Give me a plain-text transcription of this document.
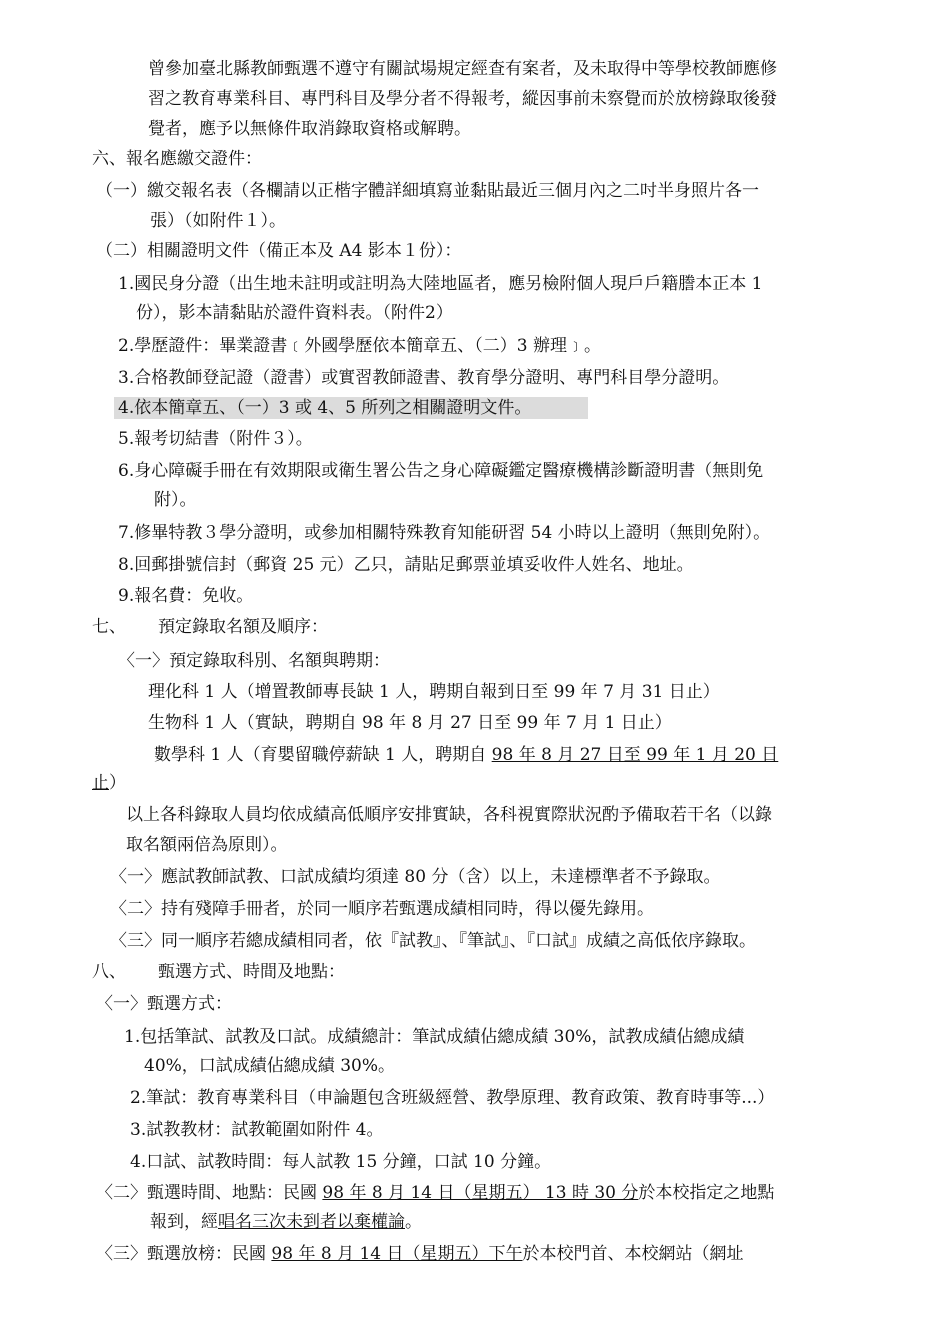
曾參加臺北縣教師甄選不遵守有關試場規定經查有案者，及未取得中等學校教師應修
習之教育專業科目、專門科目及學分者不得報考，縱因事前未察覺而於放榜錄取後發
覺者，應予以無條件取消錄取資格或解聘。
六、報名應繳交證件：
（一）繳交報名表（各欄請以正楷字體詳細填寫並黏貼最近三個月內之二吋半身照片各一
張）（如附件１）。
（二）相關證明文件（備正本及 A4 影本１份）：
1.國民身分證（出生地未註明或註明為大陸地區者，應另檢附個人現戶戶籍謄本正本 1
份），影本請黏貼於證件資料表。（附件2）
2.學歷證件：畢業證書﹝外國學歷依本簡章五、（二）3 辦理﹞。
3.合格教師登記證（證書）或實習教師證書、教育學分證明、專門科目學分證明。
4.依本簡章五、（一）3 或 4、5 所列之相關證明文件。
5.報考切結書（附件３）。
6.身心障礙手冊在有效期限或衛生署公告之身心障礙鑑定醫療機構診斷證明書（無則免
附）。
7.修畢特教３學分證明，或參加相關特殊教育知能研習 54 小時以上證明（無則免附）。
8.回郵掛號信封（郵資 25 元）乙只，請貼足郵票並填妥收件人姓名、地址。
9.報名費：免收。
七、 預定錄取名額及順序：
〈一〉預定錄取科別、名額與聘期：
理化科 1 人（增置教師專長缺 1 人，聘期自報到日至 99 年 7 月 31 日止）
生物科 1 人（實缺，聘期自 98 年 8 月 27 日至 99 年 7 月 1 日止）
數學科 1 人（育嬰留職停薪缺 1 人，聘期自 98 年 8 月 27 日至 99 年 1 月 20 日
止）
以上各科錄取人員均依成績高低順序安排實缺，各科視實際狀況酌予備取若干名（以錄
取名額兩倍為原則）。
〈一〉應試教師試教、口試成績均須達 80 分（含）以上，未達標準者不予錄取。
〈二〉持有殘障手冊者，於同一順序若甄選成績相同時，得以優先錄用。
〈三〉同一順序若總成績相同者，依『試教』、『筆試』、『口試』成績之高低依序錄取。
八、 甄選方式、時間及地點：
〈一〉甄選方式：
1.包括筆試、試教及口試。成績總計：筆試成績佔總成績 30%，試教成績佔總成績
40%，口試成績佔總成績 30%。
2.筆試：教育專業科目（申論題包含班級經營、教學原理、教育政策、教育時事等...）
3.試教教材：試教範圍如附件 4。
4.口試、試教時間：每人試教 15 分鐘，口試 10 分鐘。
〈二〉甄選時間、地點：民國 98 年 8 月 14 日（星期五） 13 時 30 分於本校指定之地點
報到，經唱名三次未到者以棄權論。
〈三〉甄選放榜：民國 98 年 8 月 14 日（星期五）下午於本校門首、本校網站（網址
